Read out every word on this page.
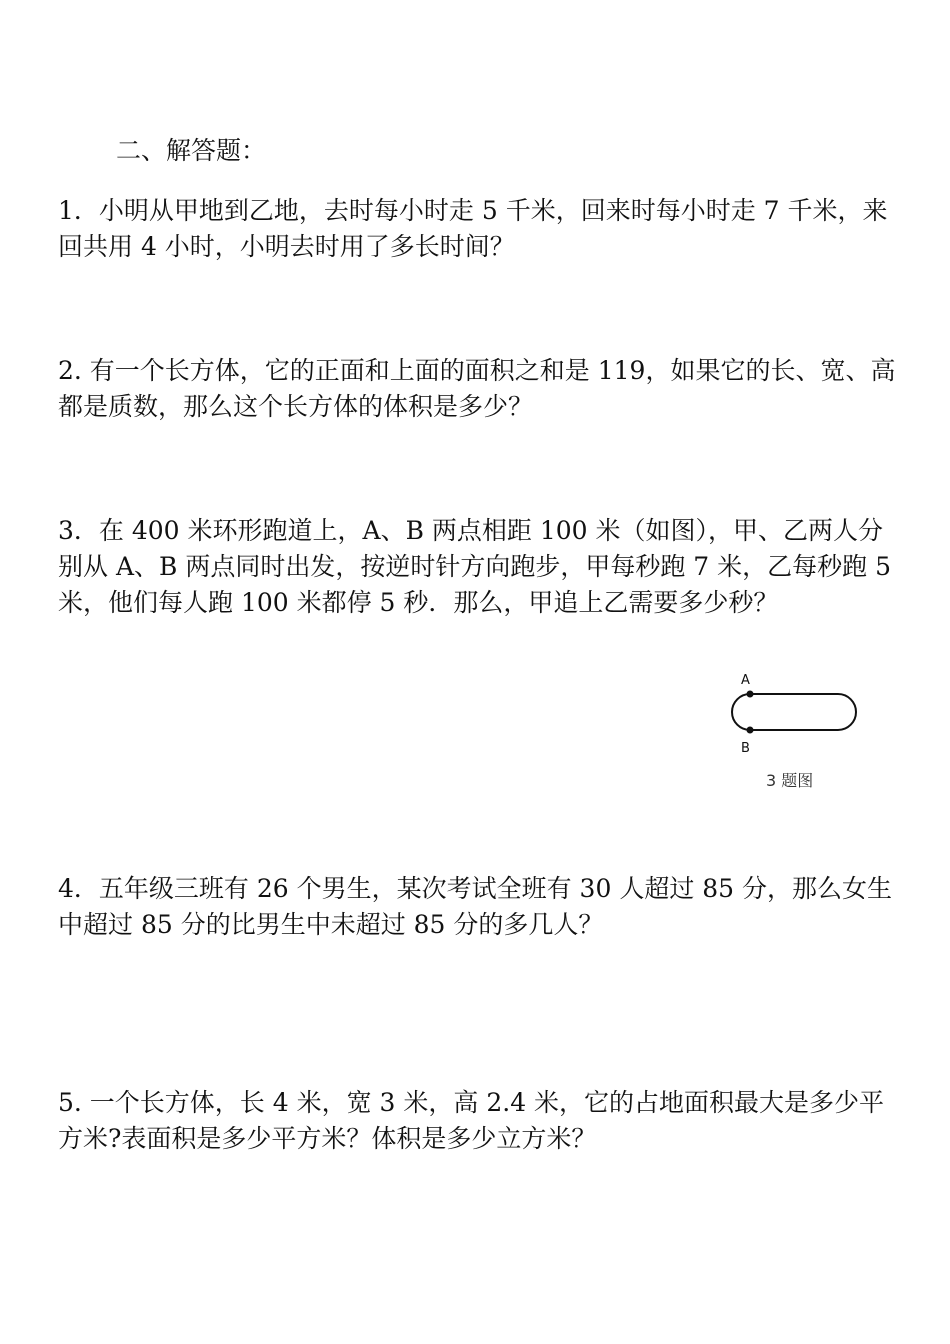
二、解答题：
1．小明从甲地到乙地，去时每小时走 5 千米，回来时每小时走 7 千米，来回共用 4 小时，小明去时用了多长时间？
2. 有一个长方体，它的正面和上面的面积之和是 119，如果它的长、宽、高都是质数，那么这个长方体的体积是多少？
3．在 400 米环形跑道上，A、B 两点相距 100 米（如图），甲、乙两人分别从 A、B 两点同时出发，按逆时针方向跑步，甲每秒跑 7 米，乙每秒跑 5 米，他们每人跑 100 米都停 5 秒．那么，甲追上乙需要多少秒？
A
B
3 题图
4．五年级三班有 26 个男生，某次考试全班有 30 人超过 85 分，那么女生中超过 85 分的比男生中未超过 85 分的多几人？
5. 一个长方体，长 4 米，宽 3 米，高 2.4 米，它的占地面积最大是多少平方米?表面积是多少平方米？体积是多少立方米？
